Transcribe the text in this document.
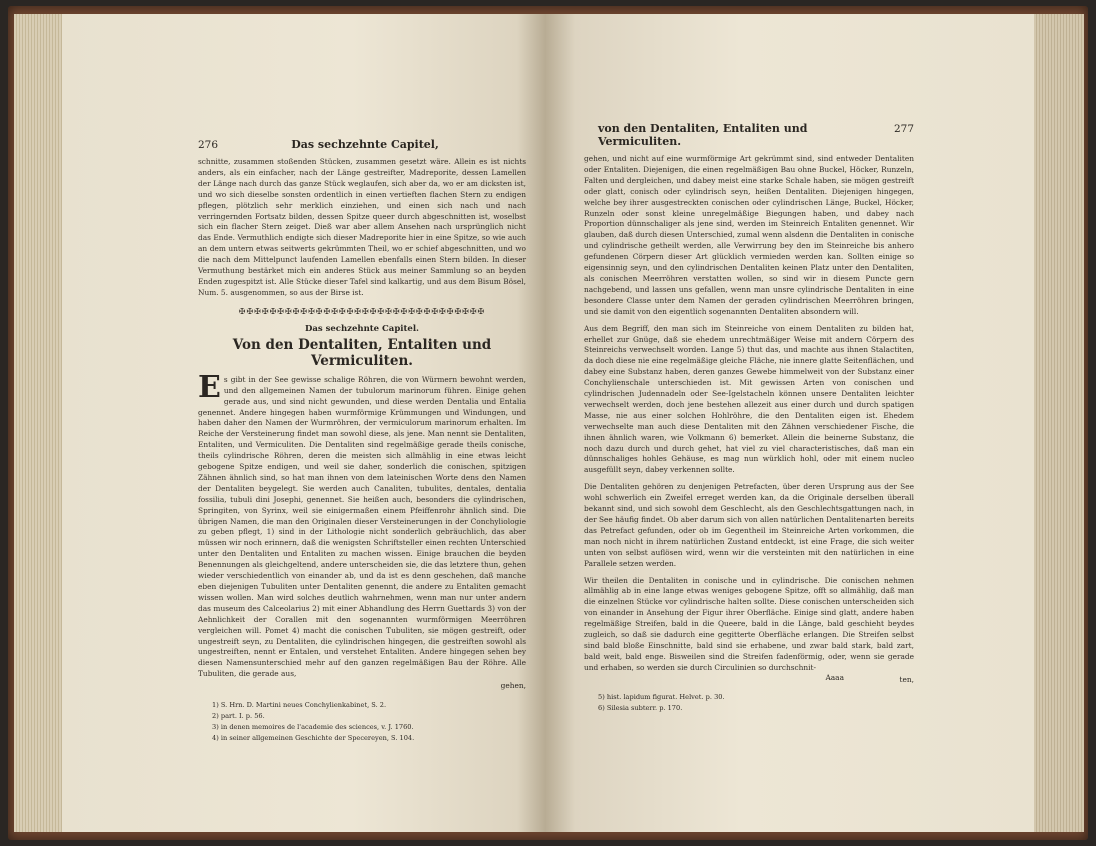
276	Das sechzehnte Capitel,

schnitte, zusammen stoßenden Stücken, zusammen gesetzt wäre. Allein es ist nichts anders, als ein einfacher, nach der Länge gestreifter, Madreporite, dessen Lamellen der Länge nach durch das ganze Stück weglaufen, sich aber da, wo er am dicksten ist, und wo sich dieselbe sonsten ordentlich in einen vertieften flachen Stern zu endigen pflegen, plötzlich sehr merklich einziehen, und einen sich nach und nach verringernden Fortsatz bilden, dessen Spitze queer durch abgeschnitten ist, woselbst sich ein flacher Stern zeiget. Dieß war aber allem Ansehen nach ursprünglich nicht das Ende. Vermuthlich endigte sich dieser Madreporite hier in eine Spitze, so wie auch an dem untern etwas seitwerts gekrümmten Theil, wo er schief abgeschnitten, und wo die nach dem Mittelpunct laufenden Lamellen ebenfalls einen Stern bilden. In dieser Vermuthung bestärket mich ein anderes Stück aus meiner Sammlung so an beyden Enden zugespitzt ist. Alle Stücke dieser Tafel sind kalkartig, und aus dem Bisum Bösel, Num. 5. ausgenommen, so aus der Birse ist.

✠✠✠✠✠✠✠✠✠✠✠✠✠✠✠✠✠✠✠✠✠✠✠✠✠✠✠✠✠✠✠✠
Das sechzehnte Capitel.
Von den Dentaliten, Entaliten und Vermiculiten.
E s gibt in der See gewisse schalige Röhren, die von Würmern bewohnt werden, und den allgemeinen Namen der tubulorum marinorum führen. Einige gehen gerade aus, und sind nicht gewunden, und diese werden Dentalia und Entalia genennet. Andere hingegen haben wurmförmige Krümmungen und Windungen, und haben daher den Namen der Wurmröhren, der vermiculorum marinorum erhalten. Im Reiche der Versteinerung findet man sowohl diese, als jene. Man nennt sie Dentaliten, Entaliten, und Vermiculiten. Die Dentaliten sind regelmäßige gerade theils conische, theils cylindrische Röhren, deren die meisten sich allmählig in eine etwas leicht gebogene Spitze endigen, und weil sie daher, sonderlich die conischen, spitzigen Zähnen ähnlich sind, so hat man ihnen von dem lateinischen Worte dens den Namen der Dentaliten beygelegt. Sie werden auch Canaliten, tubulites, dentales, dentalia fossilia, tubuli dini Josephi, genennet. Sie heißen auch, besonders die cylindrischen, Springiten, von Syrinx, weil sie einigermaßen einem Pfeiffenrohr ähnlich sind. Die übrigen Namen, die man den Originalen dieser Versteinerungen in der Conchyliologie zu geben pflegt, 1) sind in der Lithologie nicht sonderlich gebräuchlich, das aber müssen wir noch erinnern, daß die wenigsten Schriftsteller einen rechten Unterschied unter den Dentaliten und Entaliten zu machen wissen. Einige brauchen die beyden Benennungen als gleichgeltend, andere unterscheiden sie, die das letztere thun, gehen wieder verschiedentlich von einander ab, und da ist es denn geschehen, daß manche eben diejenigen Tubuliten unter Dentaliten genennt, die andere zu Entaliten gemacht wissen wollen. Man wird solches deutlich wahrnehmen, wenn man nur unter andern das museum des Calceolarius 2) mit einer Abhandlung des Herrn Guettards 3) von der Aehnlichkeit der Corallen mit den sogenannten wurmförmigen Meerröhren vergleichen will. Pomet 4) macht die conischen Tubuliten, sie mögen gestreift, oder ungestreift seyn, zu Dentaliten, die cylindrischen hingegen, die gestreiften sowohl als ungestreiften, nennt er Entalen, und verstehet Entaliten. Andere hingegen sehen bey diesen Namensunterschied mehr auf den ganzen regelmäßigen Bau der Röhre. Alle Tubuliten, die gerade aus,

gehen,
1) S. Hrn. D. Martini neues Conchylienkabinet, S. 2.
2) part. I. p. 56.
3) in denen memoires de l'academie des sciences, v. J. 1760.
4) in seiner allgemeinen Geschichte der Specereyen, S. 104.
von den Dentaliten, Entaliten und Vermiculiten.
277

gehen, und nicht auf eine wurmförmige Art gekrümmt sind, sind entweder Dentaliten oder Entaliten. Diejenigen, die einen regelmäßigen Bau ohne Buckel, Höcker, Runzeln, Falten und dergleichen, und dabey meist eine starke Schale haben, sie mögen gestreift oder glatt, conisch oder cylindrisch seyn, heißen Dentaliten. Diejenigen hingegen, welche bey ihrer ausgestreckten conischen oder cylindrischen Länge, Buckel, Höcker, Runzeln oder sonst kleine unregelmäßige Biegungen haben, und dabey nach Proportion dünnschaliger als jene sind, werden im Steinreich Entaliten genennet. Wir glauben, daß durch diesen Unterschied, zumal wenn alsdenn die Dentaliten in conische und cylindrische getheilt werden, alle Verwirrung bey den im Steinreiche bis anhero gefundenen Cörpern dieser Art glücklich vermieden werden kan. Sollten einige so eigensinnig seyn, und den cylindrischen Dentaliten keinen Platz unter den Dentaliten, als conischen Meerröhren verstatten wollen, so sind wir in diesem Puncte gern nachgebend, und lassen uns gefallen, wenn man unsre cylindrische Dentaliten in eine besondere Classe unter dem Namen der geraden cylindrischen Meerröhren bringen, und sie damit von den eigentlich sogenannten Dentaliten absondern will.

Aus dem Begriff, den man sich im Steinreiche von einem Dentaliten zu bilden hat, erhellet zur Gnüge, daß sie ehedem unrechtmäßiger Weise mit andern Cörpern des Steinreichs verwechselt worden. Lange 5) thut das, und machte aus ihnen Stalactiten, da doch diese nie eine regelmäßige gleiche Fläche, nie innere glatte Seitenflächen, und dabey eine Substanz haben, deren ganzes Gewebe himmelweit von der Substanz einer Conchylienschale unterschieden ist. Mit gewissen Arten von conischen und cylindrischen Judennadeln oder See-Igelstacheln können unsere Dentaliten leichter verwechselt werden, doch jene bestehen allezeit aus einer durch und durch spatigen Masse, nie aus einer solchen Hohlröhre, die den Dentaliten eigen ist. Ehedem verwechselte man auch diese Dentaliten mit den Zähnen verschiedener Fische, die ihnen ähnlich waren, wie Volkmann 6) bemerket. Allein die beinerne Substanz, die noch dazu durch und durch gehet, hat viel zu viel characteristisches, daß man ein dünnschaliges hohles Gehäuse, es mag nun würklich hohl, oder mit einem nucleo ausgefüllt seyn, dabey verkennen sollte.

Die Dentaliten gehören zu denjenigen Petrefacten, über deren Ursprung aus der See wohl schwerlich ein Zweifel erreget werden kan, da die Originale derselben überall bekannt sind, und sich sowohl dem Geschlecht, als den Geschlechtsgattungen nach, in der See häufig findet. Ob aber darum sich von allen natürlichen Dentalitenarten bereits das Petrefact gefunden, oder ob im Gegentheil im Steinreiche Arten vorkommen, die man noch nicht in ihrem natürlichen Zustand entdeckt, ist eine Frage, die sich weiter unten von selbst auflösen wird, wenn wir die versteinten mit den natürlichen in eine Parallele setzen werden.

Wir theilen die Dentaliten in conische und in cylindrische. Die conischen nehmen allmählig ab in eine lange etwas weniges gebogene Spitze, offt so allmählig, daß man die einzelnen Stücke vor cylindrische halten sollte. Diese conischen unterscheiden sich von einander in Ansehung der Figur ihrer Oberfläche. Einige sind glatt, andere haben regelmäßige Streifen, bald in die Queere, bald in die Länge, bald geschieht beydes zugleich, so daß sie dadurch eine gegitterte Oberfläche erlangen. Die Streifen selbst sind bald bloße Einschnitte, bald sind sie erhabene, und zwar bald stark, bald zart, bald weit, bald enge. Bisweilen sind die Streifen fadenförmig, oder, wenn sie gerade und erhaben, so werden sie durch Circulinien so durchschnit-

ten,
Aaaa
5) hist. lapidum figurat. Helvet. p. 30.
6) Silesia subterr. p. 170.
